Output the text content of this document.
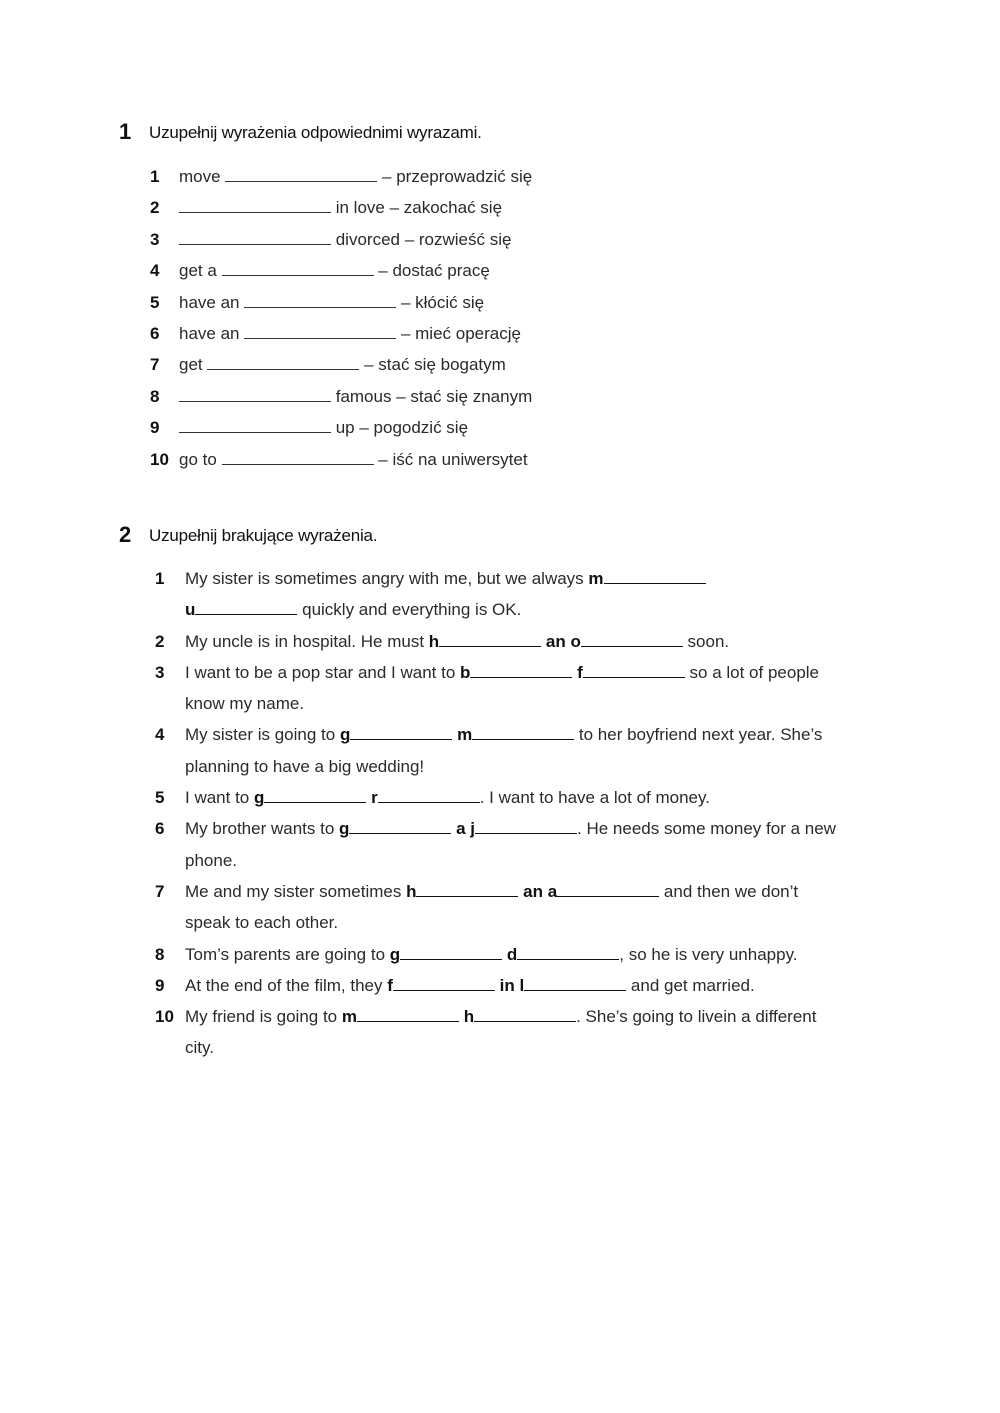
1 Uzupełnij wyrażenia odpowiednimi wyrazami.
1 move	– przeprowadzić się
2	in love – zakochać się
3	divorced – rozwieść się
4 get a	– dostać pracę
5 have an	– kłócić się
6 have an	– mieć operację
7 get	– stać się bogatym
8	famous – stać się znanym
9	up – pogodzić się
10 go to	– iść na uniwersytet
2 Uzupełnij brakujące wyrażenia.
1 My sister is sometimes angry with me, but we always m
u	quickly and everything is OK.
2 My uncle is in hospital. He must h	an o	soon.
3 I want to be a pop star and I want to b	f	so a lot of people
know my name.
4 My sister is going to g	m	to her boyfriend next year. She’s
planning to have a big wedding!
5 I want to g	r	. I want to have a lot of money.
6 My brother wants to g	a j	. He needs some money for a new
phone.
7 Me and my sister sometimes h	an a	and then we don’t
speak to each other.
8 Tom’s parents are going to g	d	, so he is very unhappy.
9 At the end of the film, they f	in l	and get married.
10 My friend is going to m	h	. She’s going to livein a different
city.
